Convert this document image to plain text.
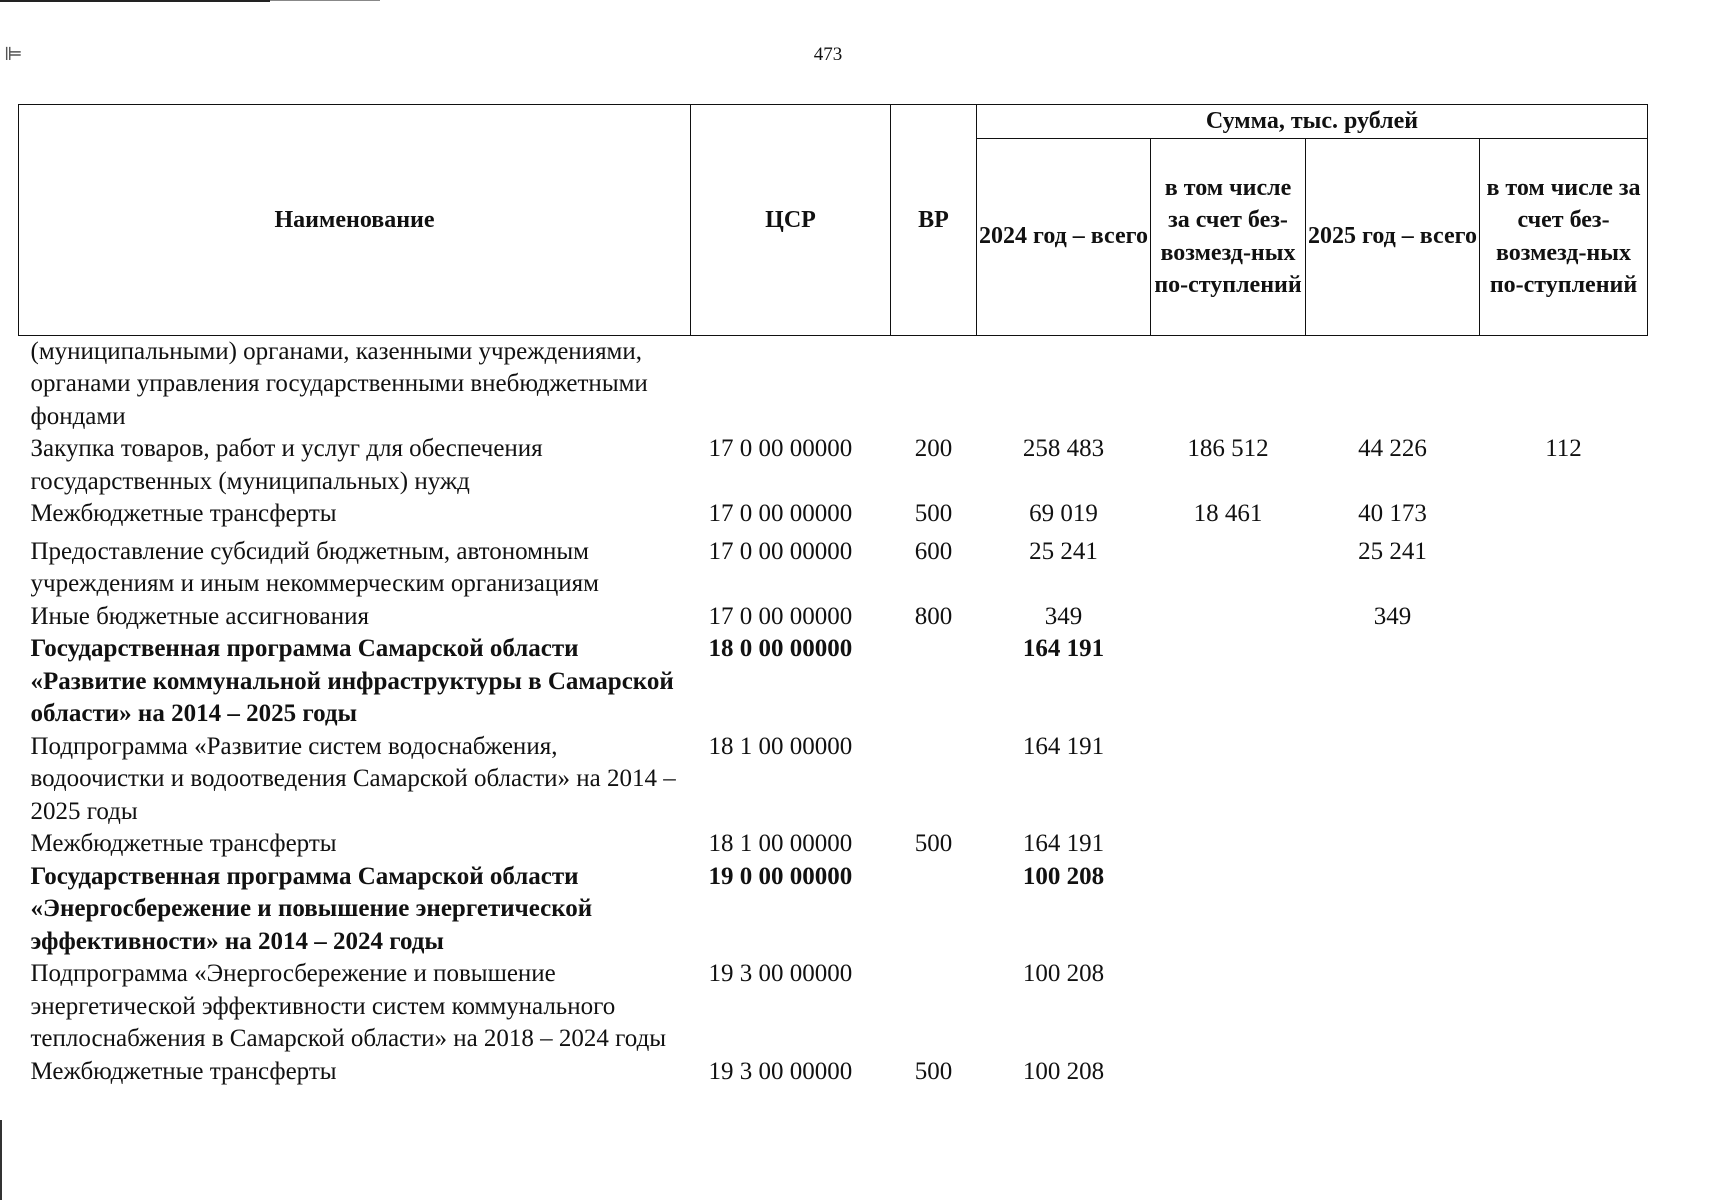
⊫	473
Наименование	ЦСР	ВР	Сумма, тыс. рублей			
			2024 год – всего	в том числе за счет без-возмезд-ных по-ступлений	2025 год – всего	в том числе за счет без-возмезд-ных по-ступлений
(муниципальными) органами, казенными учреждениями, органами управления государственными внебюджетными фондами						
Закупка товаров, работ и услуг для обеспечения государственных (муниципальных) нужд	17 0 00 00000	200	258 483	186 512	44 226	112
Межбюджетные трансферты	17 0 00 00000	500	69 019	18 461	40 173	
Предоставление субсидий бюджетным, автономным учреждениям и иным некоммерческим организациям	17 0 00 00000	600	25 241		25 241	
Иные бюджетные ассигнования	17 0 00 00000	800	349		349	
Государственная программа Самарской области «Развитие коммунальной инфраструктуры в Самарской области» на 2014 – 2025 годы	18 0 00 00000		164 191			
Подпрограмма «Развитие систем водоснабжения, водоочистки и водоотведения Самарской области» на 2014 – 2025 годы	18 1 00 00000		164 191			
Межбюджетные трансферты	18 1 00 00000	500	164 191			
Государственная программа Самарской области «Энергосбережение и повышение энергетической эффективности» на 2014 – 2024 годы	19 0 00 00000		100 208			
Подпрограмма «Энергосбережение и повышение энергетической эффективности систем коммунального теплоснабжения в Самарской области» на 2018 – 2024 годы	19 3 00 00000		100 208			
Межбюджетные трансферты	19 3 00 00000	500	100 208			
